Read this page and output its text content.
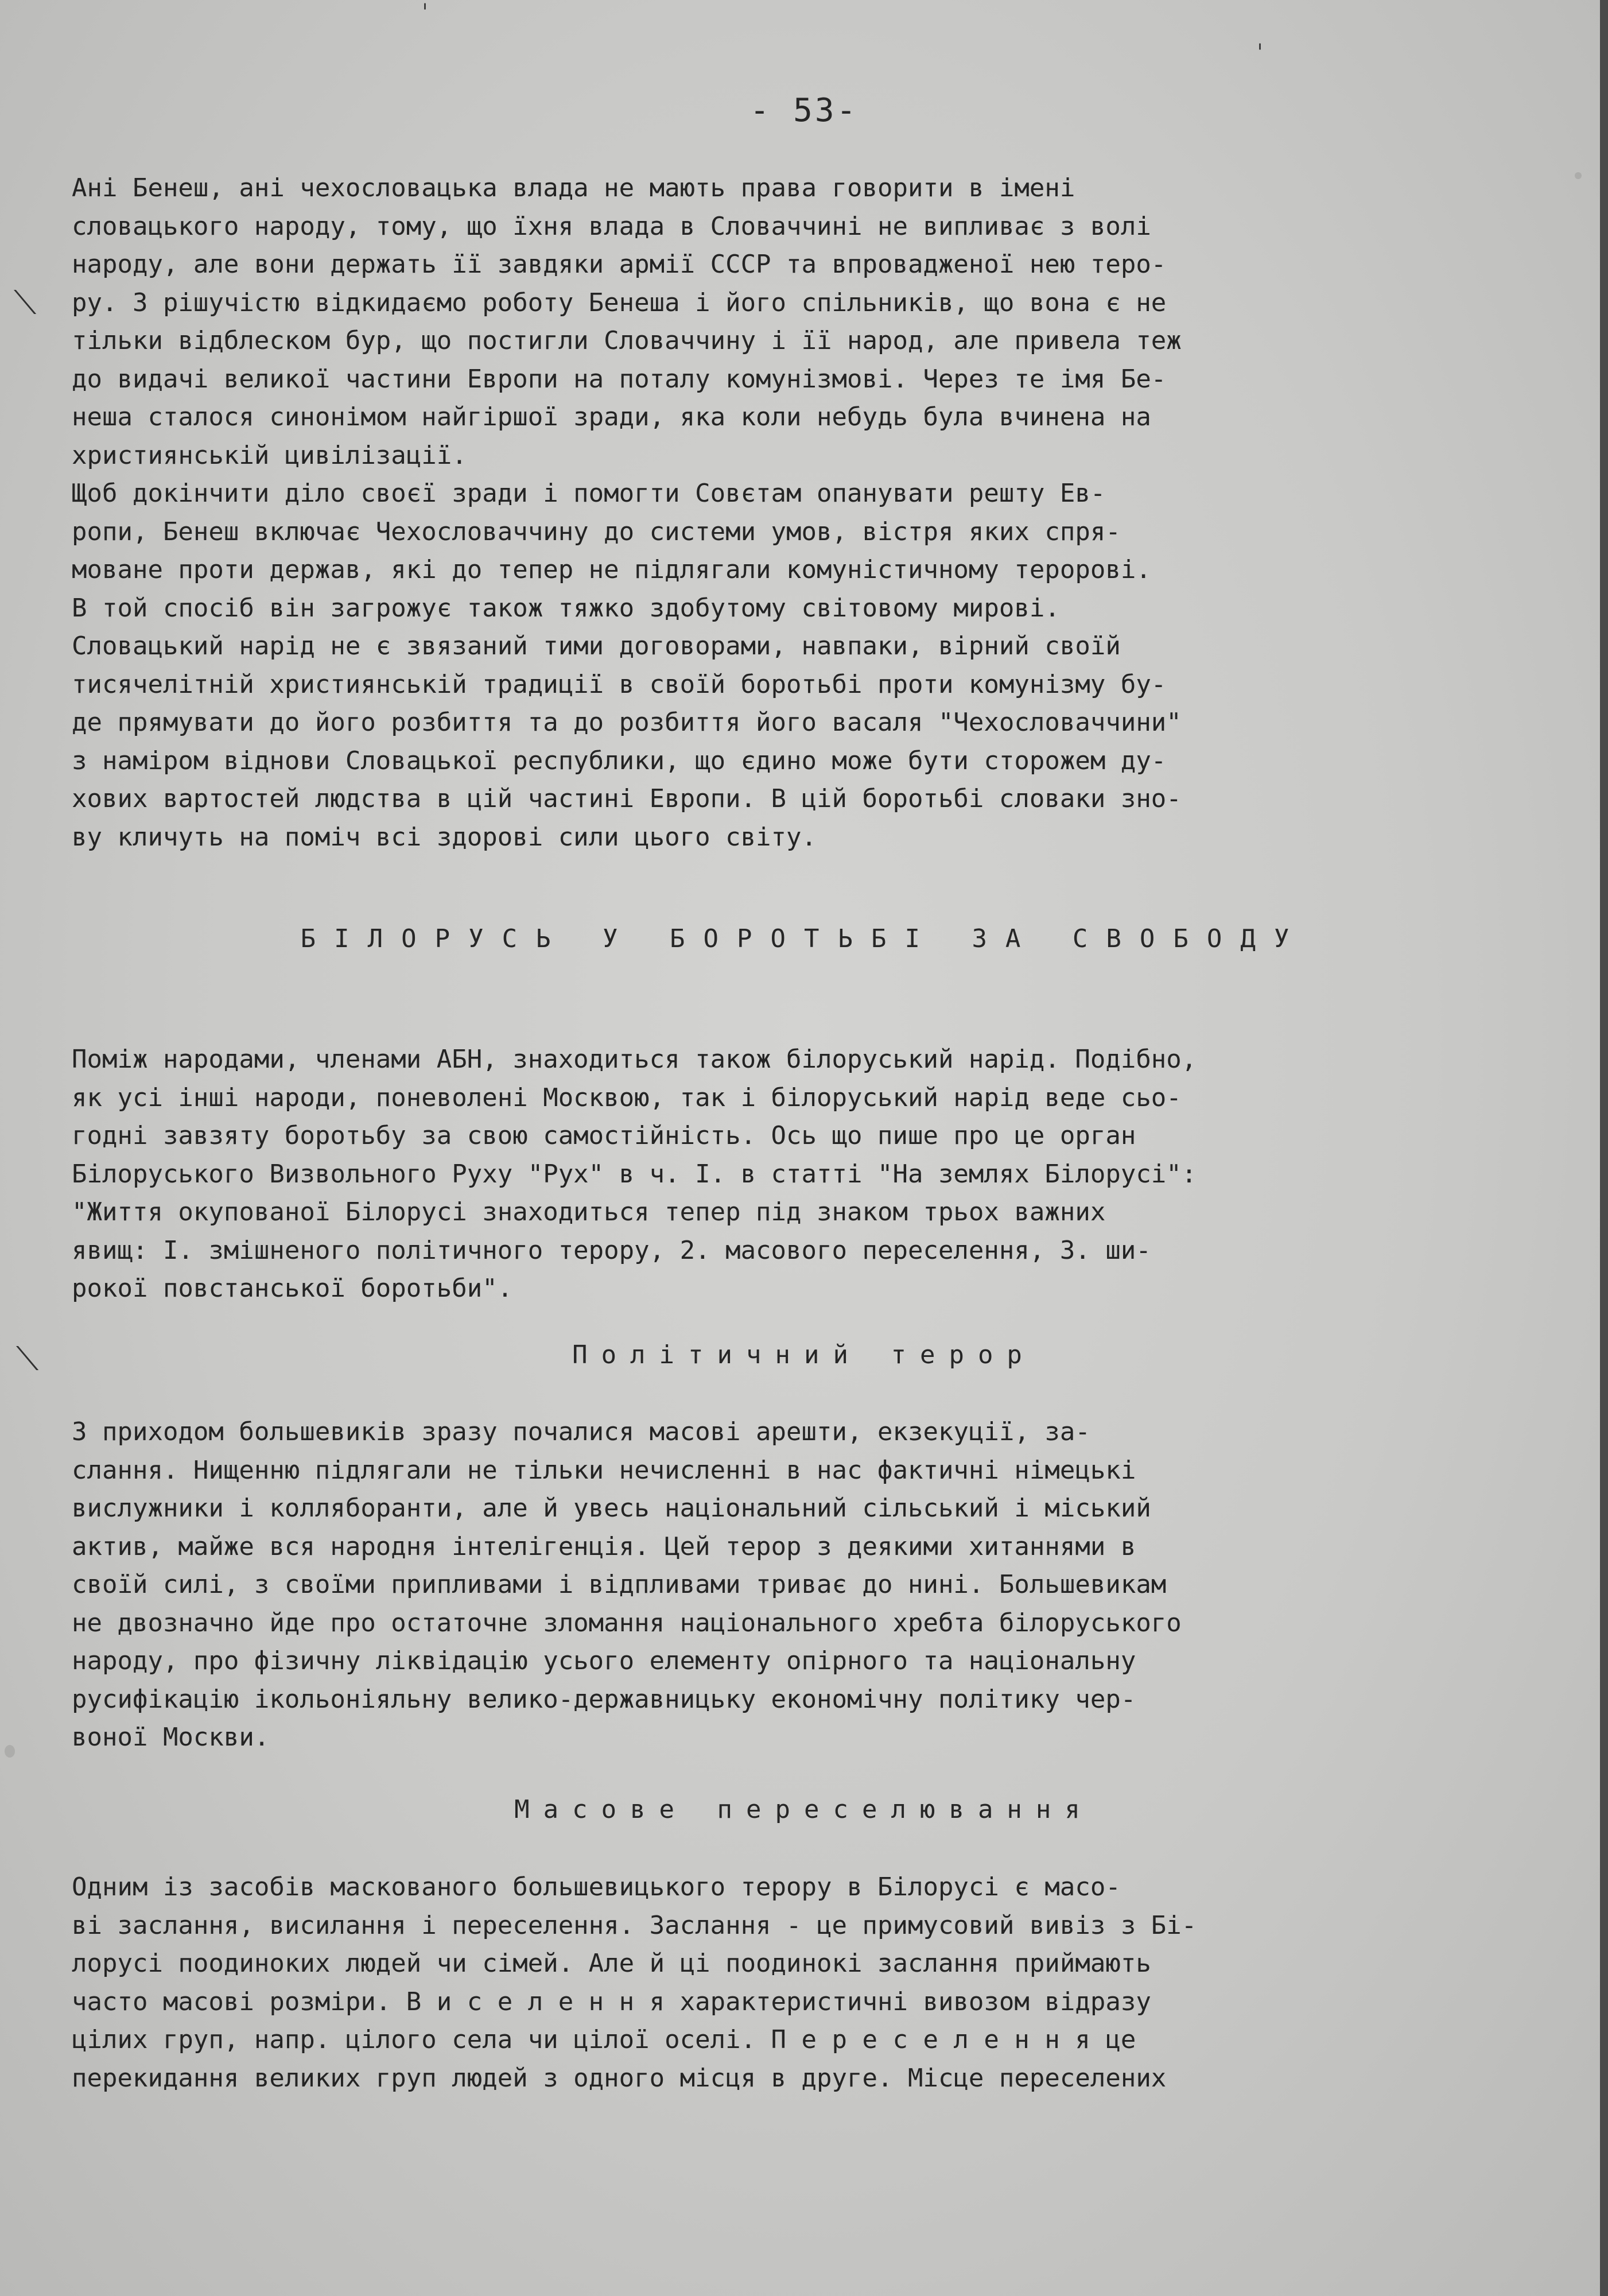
ˈ
ˈ
⟍
⟍
- 53-
Ані Бенеш, ані чехословацька влада не мають права говорити в імені
словацького народу, тому, що їхня влада в Словаччині не випливає з волі
народу, але вони держать її завдяки армії СССР та впровадженої нею теро-
ру. З рішучістю відкидаємо роботу Бенеша і його спільників, що вона є не
тільки відблеском бур, що постигли Словаччину і її народ, але привела теж
до видачі великої частини Европи на поталу комунізмові. Через те імя Бе-
неша сталося синонімом найгіршої зради, яка коли небудь була вчинена на
християнській цивілізації.
Щоб докінчити діло своєї зради і помогти Совєтам опанувати решту Ев-
ропи, Бенеш включає Чехословаччину до системи умов, вістря яких спря-
моване проти держав, які до тепер не підлягали комуністичному теророві.
В той спосіб він загрожує також тяжко здобутому світовому мирові.
Словацький нарід не є звязаний тими договорами, навпаки, вірний своїй
тисячелітній християнській традиції в своїй боротьбі проти комунізму бу-
де прямувати до його розбиття та до розбиття його васаля "Чехословаччини"
з наміром віднови Словацької республики, що єдино може бути сторожем ду-
хових вартостей людства в цій частині Европи. В цій боротьбі словаки зно-
ву кличуть на поміч всі здорові сили цього світу.
БІЛОРУСЬ У БОРОТЬБІ ЗА СВОБОДУ
Поміж народами, членами АБН, знаходиться також білоруський нарід. Подібно,
як усі інші народи, поневолені Москвою, так і білоруський нарід веде сьо-
годні завзяту боротьбу за свою самостійність. Ось що пише про це орган
Білоруського Визвольного Руху "Рух" в ч. І. в статті "На землях Білорусі":
"Життя окупованої Білорусі знаходиться тепер під знаком трьох важних
явищ: І. змішненого політичного терору, 2. масового переселення, 3. ши-
рокої повстанської боротьби".
Політичний терор
З приходом большевиків зразу почалися масові арешти, екзекуції, за-
слання. Нищенню підлягали не тільки нечисленні в нас фактичні німецькі
вислужники і колляборанти, але й увесь національний сільський і міський
актив, майже вся народня інтелігенція. Цей терор з деякими хитаннями в
своїй силі, з своїми припливами і відпливами триває до нині. Большевикам
не двозначно йде про остаточне зломання національного хребта білоруського
народу, про фізичну ліквідацію усього елементу опірного та національну
русифікацію ікольоніяльну велико-державницьку економічну політику чер-
воної Москви.
Масове переселювання
Одним із засобів маскованого большевицького терору в Білорусі є масо-
ві заслання, висилання і переселення. Заслання - це примусовий вивіз з Бі-
лорусі поодиноких людей чи сімей. Але й ці поодинокі заслання приймають
часто масові розміри. В и с е л е н н я характеристичні вивозом відразу
цілих груп, напр. цілого села чи цілої оселі. П е р е с е л е н н я це
перекидання великих груп людей з одного місця в друге. Місце переселених
